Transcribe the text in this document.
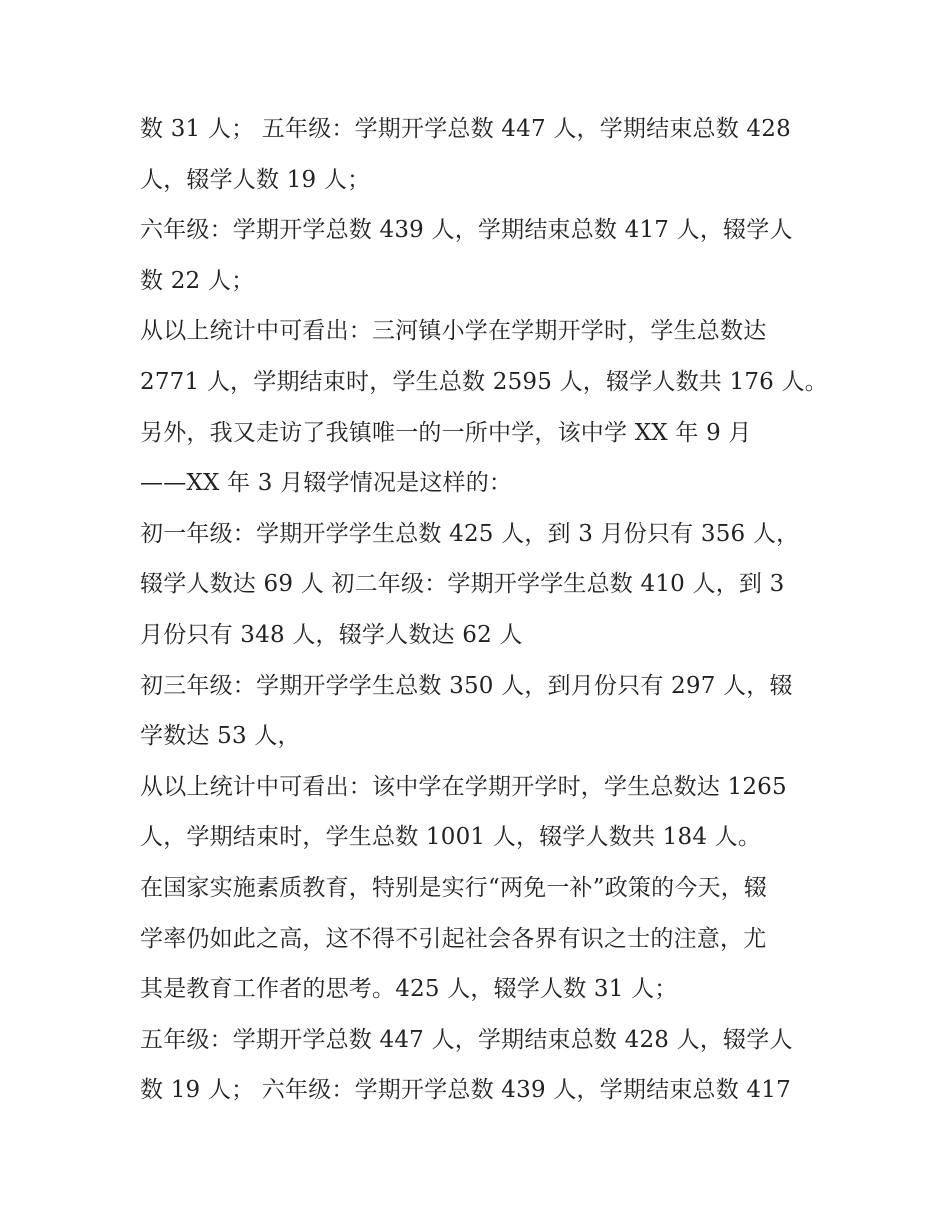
数 31 人； 五年级：学期开学总数 447 人，学期结束总数 428

人，辍学人数 19 人；

六年级：学期开学总数 439 人，学期结束总数 417 人，辍学人

数 22 人；

从以上统计中可看出：三河镇小学在学期开学时，学生总数达

2771 人，学期结束时，学生总数 2595 人，辍学人数共 176 人。

另外，我又走访了我镇唯一的一所中学，该中学 XX 年 9 月

——XX 年 3 月辍学情况是这样的：

初一年级：学期开学学生总数 425 人，到 3 月份只有 356 人，

辍学人数达 69 人 初二年级：学期开学学生总数 410 人，到 3

月份只有 348 人，辍学人数达 62 人

初三年级：学期开学学生总数 350 人，到月份只有 297 人，辍

学数达 53 人，

从以上统计中可看出：该中学在学期开学时，学生总数达 1265

人，学期结束时，学生总数 1001 人，辍学人数共 184 人。

在国家实施素质教育，特别是实行“两免一补”政策的今天，辍

学率仍如此之高，这不得不引起社会各界有识之士的注意，尤

其是教育工作者的思考。425 人，辍学人数 31 人；

五年级：学期开学总数 447 人，学期结束总数 428 人，辍学人

数 19 人； 六年级：学期开学总数 439 人，学期结束总数 417
